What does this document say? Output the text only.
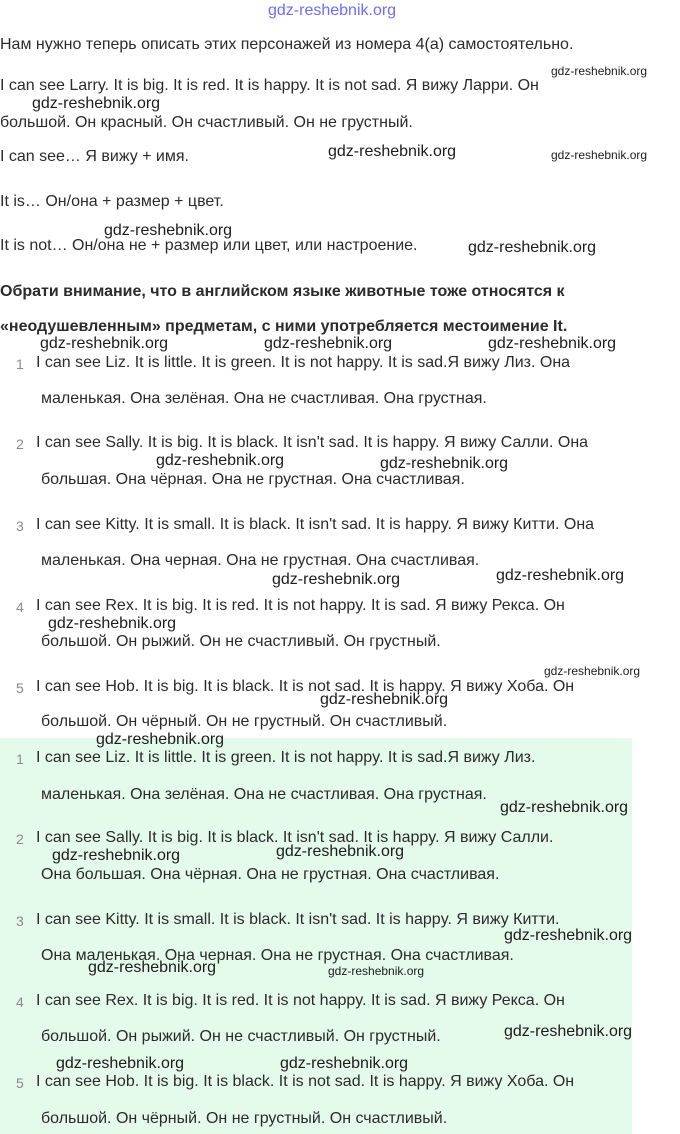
gdz-reshebnik.org
Нам нужно теперь описать этих персонажей из номера 4(а) самостоятельно.
I can see Larry. It is big. It is red. It is happy. It is not sad. Я вижу Ларри. Он
большой. Он красный. Он счастливый. Он не грустный.
I can see… Я вижу + имя.
It is… Он/она + размер + цвет.
It is not… Он/она не + размер или цвет, или настроение.
Обрати внимание, что в английском языке животные тоже относятся к
«неодушевленным» предметам, с ними употребляется местоимение It.
1 I can see Liz. It is little. It is green. It is not happy. It is sad.Я вижу Лиз. Она
маленькая. Она зелёная. Она не счастливая. Она грустная.
2 I can see Sally. It is big. It is black. It isn't sad. It is happy. Я вижу Салли. Она
большая. Она чёрная. Она не грустная. Она счастливая.
3 I can see Kitty. It is small. It is black. It isn't sad. It is happy. Я вижу Китти. Она
маленькая. Она черная. Она не грустная. Она счастливая.
4 I can see Rex. It is big. It is red. It is not happy. It is sad. Я вижу Рекса. Он
большой. Он рыжий. Он не счастливый. Он грустный.
5 I can see Hob. It is big. It is black. It is not sad. It is happy. Я вижу Хоба. Он
большой. Он чёрный. Он не грустный. Он счастливый.
1 I can see Liz. It is little. It is green. It is not happy. It is sad.Я вижу Лиз.
маленькая. Она зелёная. Она не счастливая. Она грустная.
2 I can see Sally. It is big. It is black. It isn't sad. It is happy. Я вижу Салли.
Она большая. Она чёрная. Она не грустная. Она счастливая.
3 I can see Kitty. It is small. It is black. It isn't sad. It is happy. Я вижу Китти.
Она маленькая. Она черная. Она не грустная. Она счастливая.
4 I can see Rex. It is big. It is red. It is not happy. It is sad. Я вижу Рекса. Он
большой. Он рыжий. Он не счастливый. Он грустный.
5 I can see Hob. It is big. It is black. It is not sad. It is happy. Я вижу Хоба. Он
большой. Он чёрный. Он не грустный. Он счастливый.
gdz-reshebnik.org
gdz-reshebnik.org
gdz-reshebnik.org	gdz-reshebnik.org
gdz-reshebnik.org
gdz-reshebnik.org
gdz-reshebnik.org	gdz-reshebnik.org	gdz-reshebnik.org
gdz-reshebnik.org	gdz-reshebnik.org
gdz-reshebnik.org	gdz-reshebnik.org
gdz-reshebnik.org
gdz-reshebnik.org
gdz-reshebnik.org
gdz-reshebnik.org
gdz-reshebnik.org
gdz-reshebnik.org
gdz-reshebnik.org
gdz-reshebnik.org
gdz-reshebnik.org	gdz-reshebnik.org
gdz-reshebnik.org
gdz-reshebnik.org	gdz-reshebnik.org
